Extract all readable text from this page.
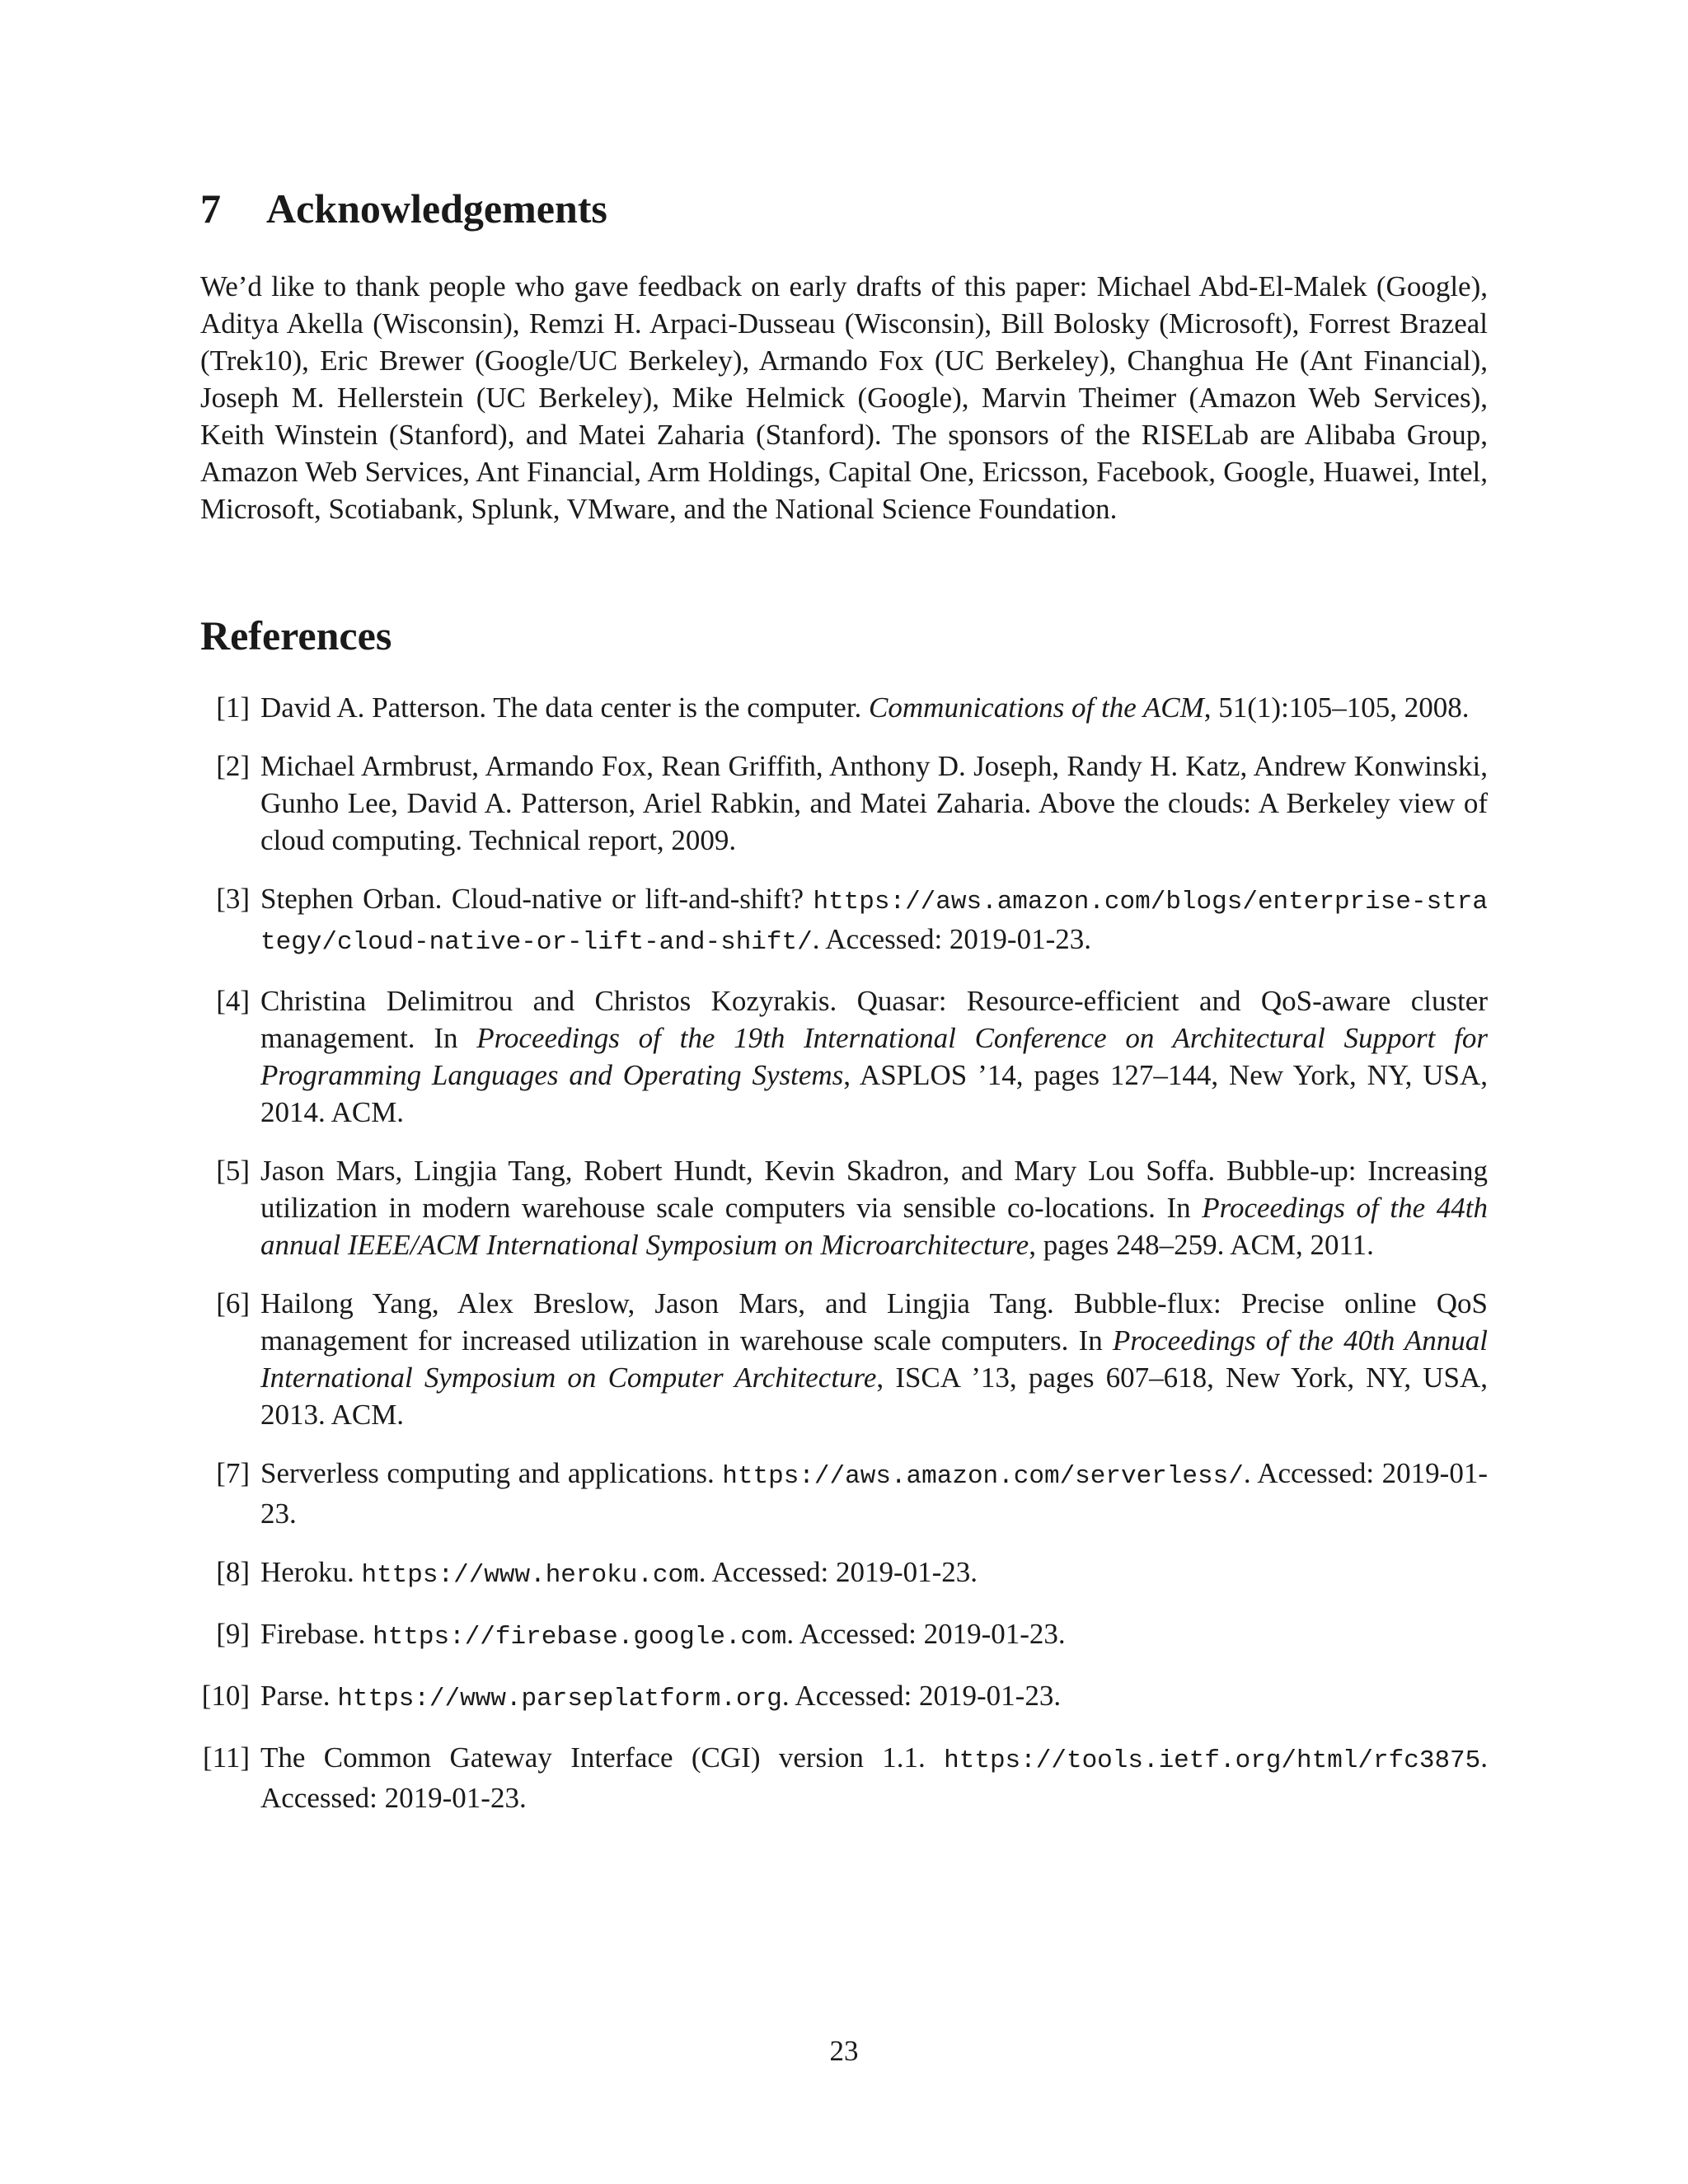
7 Acknowledgements

We’d like to thank people who gave feedback on early drafts of this paper: Michael Abd-El-Malek (Google), Aditya Akella (Wisconsin), Remzi H. Arpaci-Dusseau (Wisconsin), Bill Bolosky (Microsoft), Forrest Brazeal (Trek10), Eric Brewer (Google/UC Berkeley), Armando Fox (UC Berkeley), Changhua He (Ant Financial), Joseph M. Hellerstein (UC Berkeley), Mike Helmick (Google), Marvin Theimer (Amazon Web Services), Keith Winstein (Stanford), and Matei Zaharia (Stanford). The sponsors of the RISELab are Alibaba Group, Amazon Web Services, Ant Financial, Arm Holdings, Capital One, Ericsson, Facebook, Google, Huawei, Intel, Microsoft, Scotiabank, Splunk, VMware, and the National Science Foundation.

References
[1] David A. Patterson. The data center is the computer. Communications of the ACM, 51(1):105–105, 2008.
[2] Michael Armbrust, Armando Fox, Rean Griffith, Anthony D. Joseph, Randy H. Katz, Andrew Konwinski, Gunho Lee, David A. Patterson, Ariel Rabkin, and Matei Zaharia. Above the clouds: A Berkeley view of cloud computing. Technical report, 2009.
[3] Stephen Orban. Cloud-native or lift-and-shift? https://aws.amazon.com/blogs/enterprise-strategy/cloud-native-or-lift-and-shift/. Accessed: 2019-01-23.
[4] Christina Delimitrou and Christos Kozyrakis. Quasar: Resource-efficient and QoS-aware cluster management. In Proceedings of the 19th International Conference on Architectural Support for Programming Languages and Operating Systems, ASPLOS ’14, pages 127–144, New York, NY, USA, 2014. ACM.
[5] Jason Mars, Lingjia Tang, Robert Hundt, Kevin Skadron, and Mary Lou Soffa. Bubble-up: Increasing utilization in modern warehouse scale computers via sensible co-locations. In Proceedings of the 44th annual IEEE/ACM International Symposium on Microarchitecture, pages 248–259. ACM, 2011.
[6] Hailong Yang, Alex Breslow, Jason Mars, and Lingjia Tang. Bubble-flux: Precise online QoS management for increased utilization in warehouse scale computers. In Proceedings of the 40th Annual International Symposium on Computer Architecture, ISCA ’13, pages 607–618, New York, NY, USA, 2013. ACM.
[7] Serverless computing and applications. https://aws.amazon.com/serverless/. Accessed: 2019-01-23.
[8] Heroku. https://www.heroku.com. Accessed: 2019-01-23.
[9] Firebase. https://firebase.google.com. Accessed: 2019-01-23.
[10] Parse. https://www.parseplatform.org. Accessed: 2019-01-23.
[11] The Common Gateway Interface (CGI) version 1.1. https://tools.ietf.org/html/rfc3875. Accessed: 2019-01-23.
23
